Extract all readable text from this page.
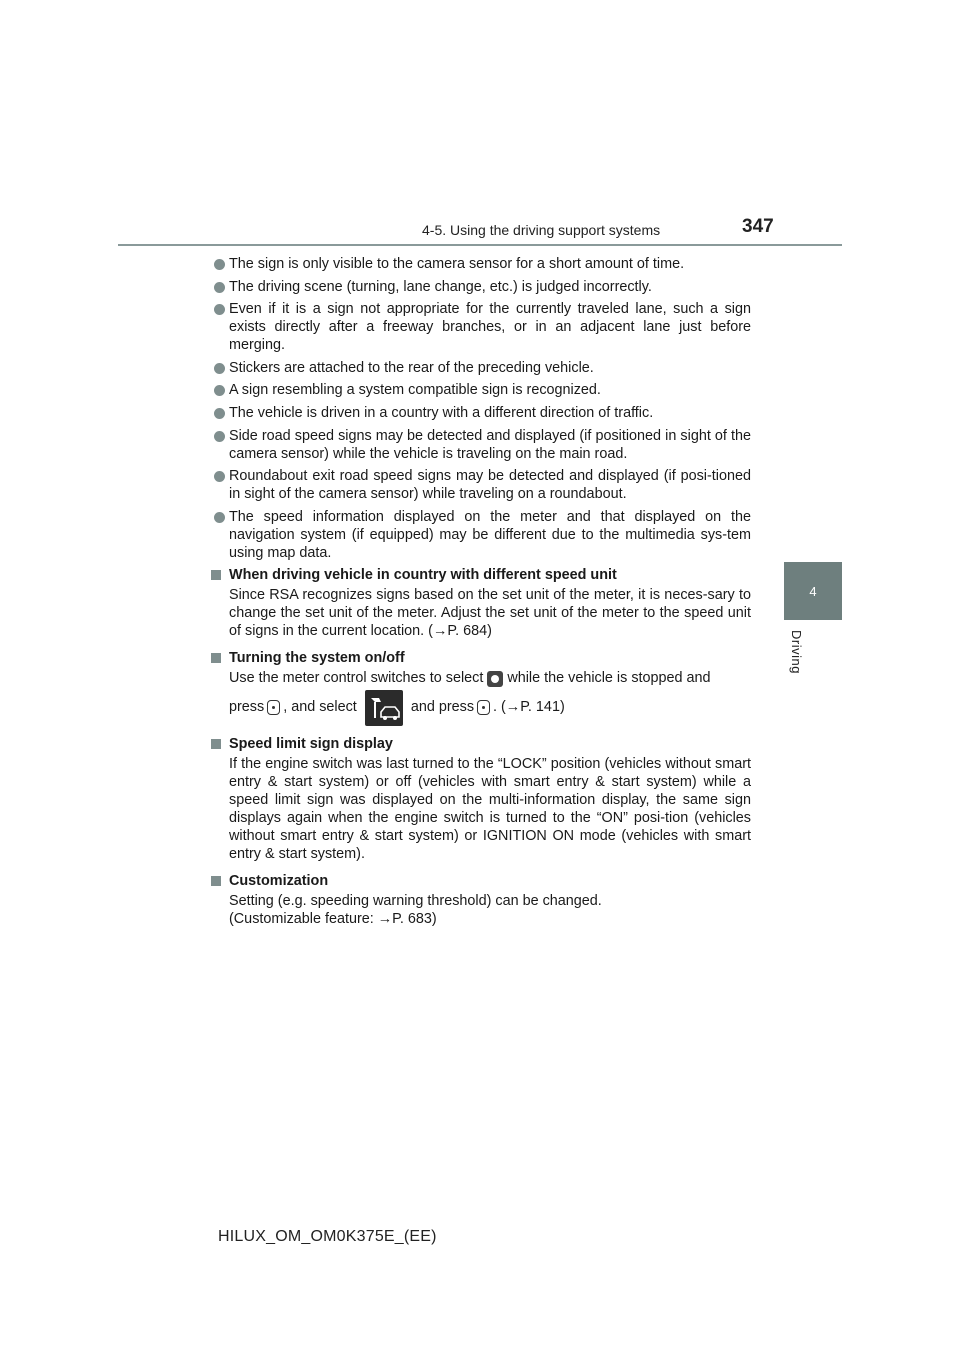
4-5. Using the driving support systems	347
4
Driving
The sign is only visible to the camera sensor for a short amount of time.
The driving scene (turning, lane change, etc.) is judged incorrectly.
Even if it is a sign not appropriate for the currently traveled lane, such a sign exists directly after a freeway branches, or in an adjacent lane just before merging.
Stickers are attached to the rear of the preceding vehicle.
A sign resembling a system compatible sign is recognized.
The vehicle is driven in a country with a different direction of traffic.
Side road speed signs may be detected and displayed (if positioned in sight of the camera sensor) while the vehicle is traveling on the main road.
Roundabout exit road speed signs may be detected and displayed (if posi-tioned in sight of the camera sensor) while traveling on a roundabout.
The speed information displayed on the meter and that displayed on the navigation system (if equipped) may be different due to the multimedia sys-tem using map data.
When driving vehicle in country with different speed unit

Since RSA recognizes signs based on the set unit of the meter, it is neces-sary to change the set unit of the meter. Adjust the set unit of the meter to the speed unit of signs in the current location. (→P. 684)

Turning the system on/off

Use the meter control switches to select while the vehicle is stopped and

press , and select	and press . (→P. 141)

Speed limit sign display

If the engine switch was last turned to the “LOCK” position (vehicles without smart entry & start system) or off (vehicles with smart entry & start system) while a speed limit sign was displayed on the multi-information display, the same sign displays again when the engine switch is turned to the “ON” posi-tion (vehicles without smart entry & start system) or IGNITION ON mode (vehicles with smart entry & start system).

Customization

Setting (e.g. speeding warning threshold) can be changed.

(Customizable feature: →P. 683)

HILUX_OM_OM0K375E_(EE)
